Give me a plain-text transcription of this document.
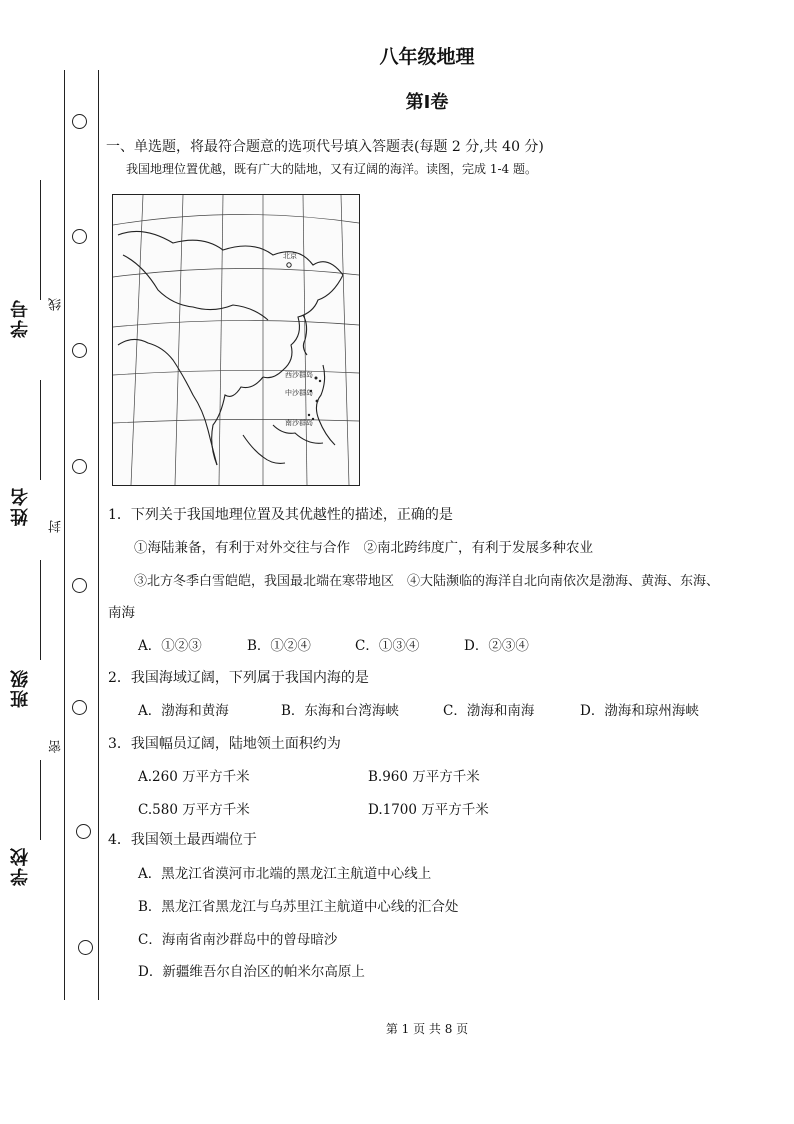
学号
姓名
班级
学校
线
封
密
八年级地理
第Ⅰ卷
一、单选题，将最符合题意的选项代号填入答题表(每题 2 分,共 40 分)
我国地理位置优越，既有广大的陆地，又有辽阔的海洋。读图，完成 1-4 题。
北京
西沙群岛
中沙群岛
南沙群岛
1．下列关于我国地理位置及其优越性的描述，正确的是
①海陆兼备，有利于对外交往与合作　②南北跨纬度广，有利于发展多种农业
③北方冬季白雪皑皑，我国最北端在寒带地区　④大陆濒临的海洋自北向南依次是渤海、黄海、东海、
南海
A．①②③	B．①②④	C．①③④	D．②③④
2．我国海域辽阔，下列属于我国内海的是
A．渤海和黄海	B．东海和台湾海峡	C．渤海和南海	D．渤海和琼州海峡
3．我国幅员辽阔，陆地领土面积约为
A.260 万平方千米	B.960 万平方千米
C.580 万平方千米	D.1700 万平方千米
4．我国领土最西端位于
A．黑龙江省漠河市北端的黑龙江主航道中心线上
B．黑龙江省黑龙江与乌苏里江主航道中心线的汇合处
C．海南省南沙群岛中的曾母暗沙
D．新疆维吾尔自治区的帕米尔高原上
第 1 页 共 8 页
